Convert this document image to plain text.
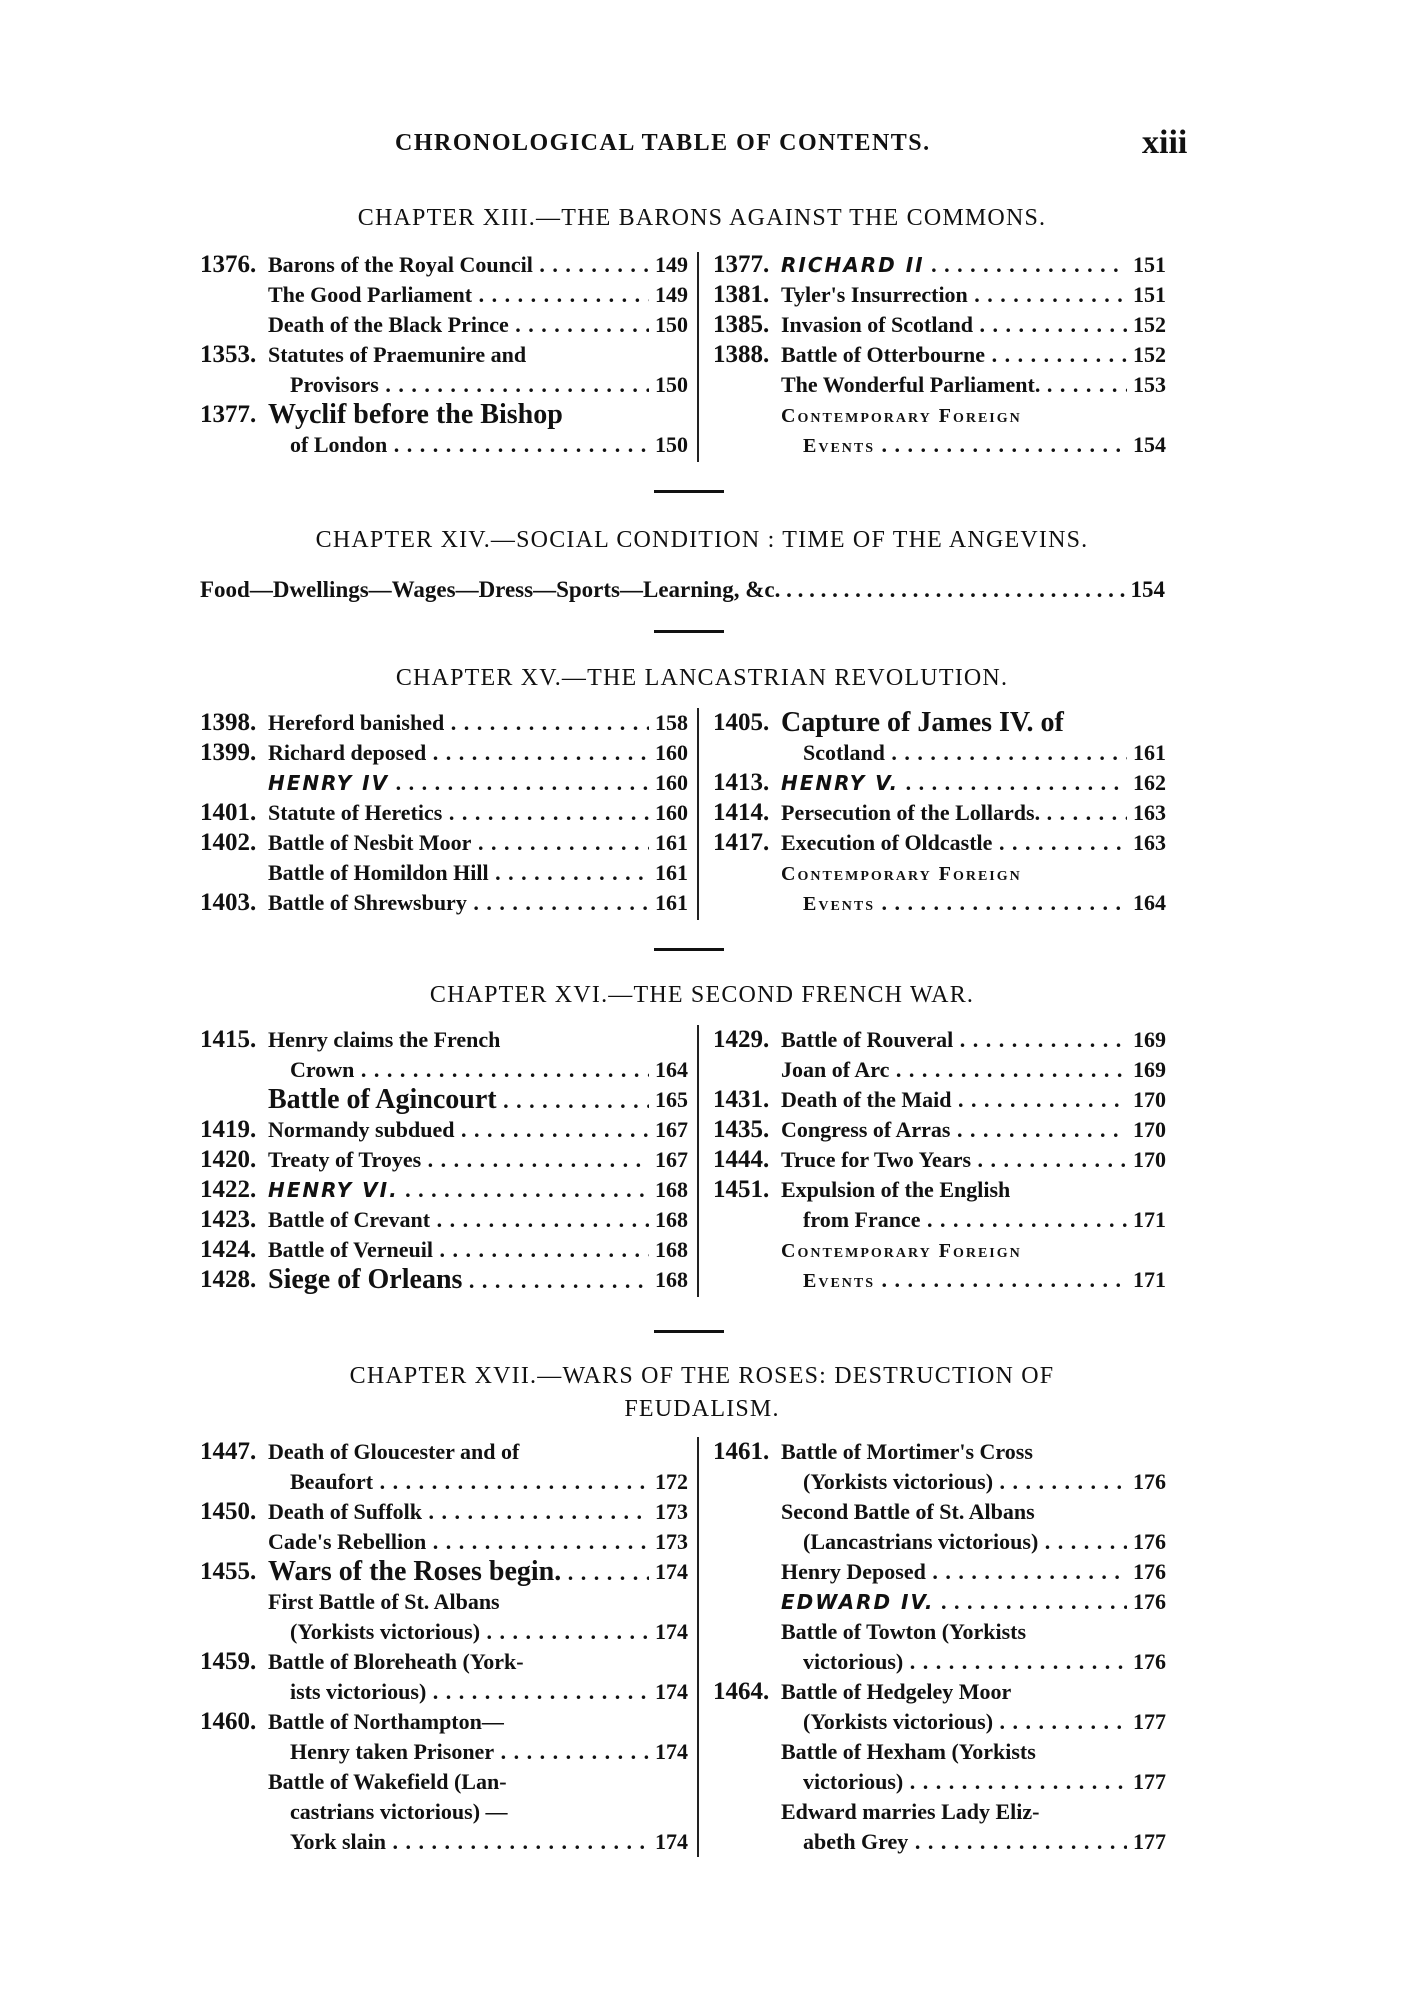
CHRONOLOGICAL TABLE OF CONTENTS.	xiii
CHAPTER XIII.—THE BARONS AGAINST THE COMMONS.
1376. Barons of the Royal Council . . .	149
The Good Parliament . . .	149
Death of the Black Prince . . .	150
1353. Statutes of Praemunire and
Provisors . . .	150
1377. Wyclif before the Bishop
of London . . .	150
1377. RICHARD II . . .	151
1381. Tyler's Insurrection . . .	151
1385. Invasion of Scotland . . .	152
1388. Battle of Otterbourne . . .	152
The Wonderful Parliament. . . .	153
Contemporary Foreign
Events . . .	154
CHAPTER XIV.—SOCIAL CONDITION : TIME OF THE ANGEVINS.
Food—Dwellings—Wages—Dress—Sports—Learning, &c.	154
. . .
CHAPTER XV.—THE LANCASTRIAN REVOLUTION.
1398. Hereford banished . . .	158
1399. Richard deposed . . .	160
HENRY IV . . .	160
1401. Statute of Heretics . . .	160
1402. Battle of Nesbit Moor . . .	161
Battle of Homildon Hill . . .	161
1403. Battle of Shrewsbury . . .	161
1405. Capture of James IV. of
Scotland . . .	161
1413. HENRY V. . . .	162
1414. Persecution of the Lollards. . . .	163
1417. Execution of Oldcastle . . .	163
Contemporary Foreign
Events . . .	164
CHAPTER XVI.—THE SECOND FRENCH WAR.
1415. Henry claims the French
Crown . . .	164
Battle of Agincourt . . .	165
1419. Normandy subdued . . .	167
1420. Treaty of Troyes . . .	167
1422. HENRY VI. . . .	168
1423. Battle of Crevant . . .	168
1424. Battle of Verneuil . . .	168
1428. Siege of Orleans . . .	168
1429. Battle of Rouveral . . .	169
Joan of Arc . . .	169
1431. Death of the Maid . . .	170
1435. Congress of Arras . . .	170
1444. Truce for Two Years . . .	170
1451. Expulsion of the English
from France . . .	171
Contemporary Foreign
Events . . .	171
CHAPTER XVII.—WARS OF THE ROSES: DESTRUCTION OF
FEUDALISM.
1447. Death of Gloucester and of
Beaufort . . .	172
1450. Death of Suffolk . . .	173
Cade's Rebellion . . .	173
1455. Wars of the Roses begin. . . .	174
First Battle of St. Albans
(Yorkists victorious) . . .	174
1459. Battle of Bloreheath (York-
ists victorious) . . .	174
1460. Battle of Northampton—
Henry taken Prisoner . . .	174
Battle of Wakefield (Lan-
castrians victorious) —
York slain . . .	174
1461. Battle of Mortimer's Cross
(Yorkists victorious) . . .	176
Second Battle of St. Albans
(Lancastrians victorious) . . .	176
Henry Deposed . . .	176
EDWARD IV. . . .	176
Battle of Towton (Yorkists
victorious) . . .	176
1464. Battle of Hedgeley Moor
(Yorkists victorious) . . .	177
Battle of Hexham (Yorkists
victorious) . . .	177
Edward marries Lady Eliz-
abeth Grey . . .	177
